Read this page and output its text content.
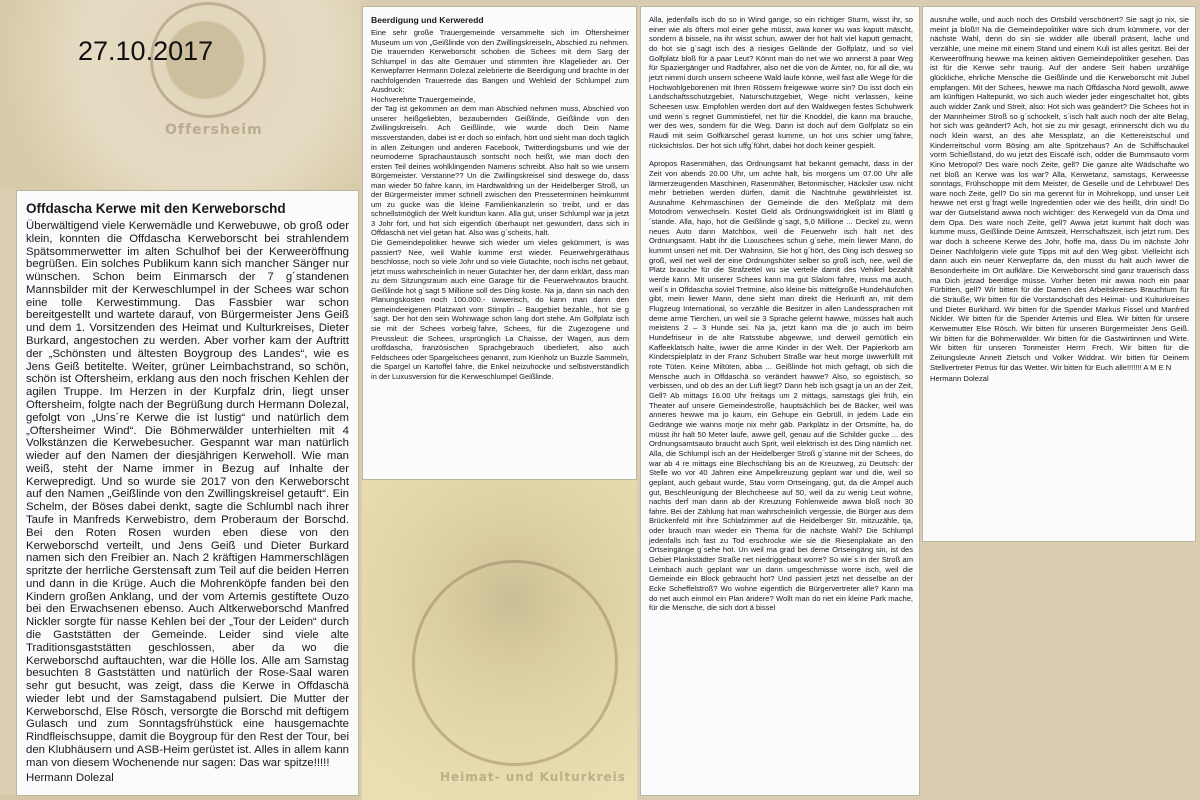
Offersheim
Heimat- und Kulturkreis
27.10.2017
Offdascha Kerwe mit den Kerweborschd

Überwältigend viele Kerwemädle und Kerwebuwe, ob groß oder klein, konnten die Offdascha Kerweborscht bei strahlendem Spätsommerwetter im alten Schulhof bei der Kerweeröffnung begrüßen. Ein solches Publikum kann sich mancher Sänger nur wünschen. Schon beim Einmarsch der 7 g´standenen Mannsbilder mit der Kerweschlumpel in der Schees war schon eine tolle Kerwestimmung. Das Fassbier war schon bereitgestellt und wartete darauf, von Bürgermeister Jens Geiß und dem 1. Vorsitzenden des Heimat und Kulturkreises, Dieter Burkard, angestochen zu werden. Aber vorher kam der Auftritt der „Schönsten und ältesten Boygroup des Landes“, wie es Jens Geiß betitelte. Weiter, grüner Leimbachstrand, so schön, schön ist Oftersheim, erklang aus den noch frischen Kehlen der agilen Truppe. Im Herzen in der Kurpfalz drin, liegt unser Oftersheim, folgte nach der Begrüßung durch Hermann Dolezal, gefolgt von „Uns´re Kerwe die ist lustig“ und natürlich dem „Oftersheimer Wind“. Die Böhmerwälder unterhielten mit 4 Volkstänzen die Kerwebesucher. Gespannt war man natürlich wieder auf den Namen der diesjährigen Kerweholl. Wie man weiß, steht der Name immer in Bezug auf Inhalte der Kerwepredigt. Und so wurde sie 2017 von den Kerweborscht auf den Namen „Geißlinde von den Zwillingskreisel getauft“. Ein Schelm, der Böses dabei denkt, sagte die Schlumbl nach ihrer Taufe in Manfreds Kerwebistro, dem Proberaum der Borschd. Bei den Roten Rosen wurden eben diese von den Kerweborschd verteilt, und Jens Geiß und Dieter Burkard namen sich den Freibier an. Nach 2 kräftigen Hammerschlägen spritzte der herrliche Gerstensaft zum Teil auf die beiden Herren und dann in die Krüge. Auch die Mohrenköpfe fanden bei den Kindern großen Anklang, und der vom Artemis gestiftete Ouzo bei den Erwachsenen ebenso. Auch Altkerweborschd Manfred Nickler sorgte für nasse Kehlen bei der „Tour der Leiden“ durch die Gaststätten der Gemeinde. Leider sind viele alte Traditionsgaststätten geschlossen, aber da wo die Kerweborschd auftauchten, war die Hölle los. Alle am Samstag besuchten 8 Gaststätten und natürlich der Rose-Saal waren sehr gut besucht, was zeigt, dass die Kerwe in Offdaschä wieder lebt und der Samstagabend pulsiert. Die Mutter der Kerweborschd, Else Rösch, versorgte die Borschd mit deftigem Gulasch und zum Sonntagsfrühstück eine hausgemachte Rindfleischsuppe, damit die Boygroup für den Rest der Tour, bei den Klubhäusern und ASB-Heim gerüstet ist. Alles in allem kann man von diesem Wochenende nur sagen: Das war spitze!!!!!

Hermann Dolezal

Beerdigung und Kerweredd

Eine sehr große Trauergemeinde versammelte sich im Oftersheimer Museum um von „Geißlinde von den Zwillingskreiseln„ Abschied zu nehmen. Die trauernden Kerweborscht schoben die Schees mit dem Sarg der Schlumpel in das alte Gemäuer und stimmten ihre Klagelieder an. Der Kerwepfarrer Hermann Dolezal zelebrierte die Beerdigung und brachte in der nachfolgenden Trauerrede das Bangen und Wehleid der Schlumpel zum Ausdruck:

Hochverehrte Trauergemeinde,

der Tag ist gekommen an dem man Abschied nehmen muss, Abschied von unserer heißgeliebten, bezaubernden Geißlinde, Geißlinde von den Zwillingskreiseln. Ach Geißlinde, wie wurde doch Dein Name missverstanden, dabei ist er doch so einfach, hört und sieht man doch täglich in allen Zeitungen und anderen Facebook, Twitterdingsbums und wie der neumoderne Sprachaustausch sontscht noch heißt, wie man doch den ersten Teil deines wohlklingenden Namens schreibt. Also halt so wie unsern Bürgemeister. Verstanne?? Un die Zwillingskreisel sind deswege do, dass man wieder 50 fahre kann, im Hardtwaldring un der Heidelberger Stroß, un der Bürgermeister immer schnell zwischen den Presseterminen heimkummt um zu gucke was die kleine Familienkanzlerin so treibt, und er das schnellstmöglich der Welt kundtun kann. Alla gut, unser Schlumpl war ja jetzt 3 Johr fort, und hot sich eigentlich überhaupt net gewundert, dass sich in Offdaschä net viel getan hat. Also was g´scheits, halt.

Die Gemeindepolitiker hewwe sich wieder um vieles gekümmert, is was passiert? Nee, weil Wahle kumme erst wieder. Feuerwehrgeräthaus beschlosse, noch so viele Johr und so viele Gutachte, noch ischs net gebaut, jetzt muss wahrscheinlich in neuer Gutachter her, der dann erklärt, dass man zu dem Sitzungsraum auch eine Garage für die Feuerwehrautos braucht. Geißlinde hot g´sagt 5 Millione soll des Ding koste. Na ja, dann sin nach den Planungskosten noch 100.000.- üwwerisch, do kann man dann den gemeindeeigenen Platzwart vom Stimplin – Baugebiet bezahle., hot sie g´sagt. Der hot den sein Wohnwage schon lang dort stehe. Am Golfplatz isch sie mit der Schees vorbeig´fahre, Schees, für die Zugezogene und Preussleut: die Schees, ursprünglich La Chaisse, der Wagen, aus dem uroffdascha, französischen Sprachgebrauch überliefert, also auch Feldschees oder Spargelschees genannt, zum Kienholz un Buzzle Sammeln, die Spargel un Kartoffel fahre, die Enkel neizuhocke und selbstverständlich in der Luxusversion für die Kerweschlumpel Geißlinde.

Alla, jedenfalls isch do so in Wind gange, so ein richtiger Sturm, wisst ihr, so einer wie als öfters mol einer gehe müsst, awa koner wu was kaputt mäscht, sondern ä bissele, na ihr wisst schun, awwer der hot halt viel kaputt gemacht, do hot sie g´sagt isch des ä riesiges Gelände der Golfplatz, und so viel Golfplatz bloß für ä paar Leut? Könnt man do net wie wo annerst ä paar Weg für Spaziergänger und Radfahrer, also net die von de Ämter, no, für all die, wu jetzt nimmi durch unsern scheene Wald laufe könne, weil fast alle Wege für die Hochwohlgeborenen mit Ihren Rössern freigewwe worre sin? Do isst doch ein Landschaftsschutzgebiet, Naturschutzgebiet, Wege nicht verlassen, keine Scheesen usw. Empfohlen werden dort auf den Waldwegen festes Schuhwerk und wenn´s regnet Gummistiefel, net für die Knoddel, die kann ma brauche, wer des wes, sondern für die Weg. Dann ist doch auf dem Golfplatz so ein Raudi mit seim Golfkärschel gerast kumme, un hot uns schier umg´fahre, rücksichtslos. Der hot sich uffg´führt, dabei hot doch keiner gespielt.

Apropos Rasenmähen, das Ordnungsamt hat bekannt gemacht, dass in der Zeit von abends 20.00 Uhr, um achte halt, bis morgens um 07.00 Uhr alle lärmerzeugenden Maschinen, Rasenmäher, Betonmischer, Häcksler usw. nicht mehr betrieben werden dürfen, damit die Nachtruhe gewährleistet ist. Ausnahme Kehrmaschinen der Gemeinde die den Meßplatz mit dem Motodrom verwechseln. Kostet Geld als Ordnungswidrigkeit ist im Blättl g´standе. Alla, hajo, hot die Geißlinde g´sagt, 5,0 Millione ... Deckel zu, wenn neues Auto dann Matchbox, weil die Feuerwehr isch halt net des Ordnungsamt. Habt ihr die Luxuschees schun g´sehe, mein liewer Mann, do kummt unseri net mit. Der Wahnsinn, Sie hot g´hört, des Ding isch desweg so groß, weil net weil der eine Ordnungshüter selber so groß isch, nee, weil die Platz brauche für die Strafzettel wu sie verteile damit des Vehikel bezahlt werde kann. Mit unserer Schees kann ma gut Slalom fahre, muss ma auch, weil´s in Offdascha soviel Tretmine, also kleine bis mittelgroße Hundehäufchen gibt, mein liewer Mann, dene sieht man direkt die Herkunft an, mit dem Flugzeug International, so verzähle die Besitzer in allen Landessprachen mit deme arme Tierchen, un weil sie 3 Sprache gelernt hawwe, müsses halt auch meistens 2 – 3 Hunde sei. Na ja, jetzt kann ma die jo auch im beim Hundefriseur in de alte Ratsstube abgewwe, und derweil gemütlich ein Kaffeeklatsch halte, iwwer die arme Kinder in der Welt. Der Papierkorb am Kinderspielplatz in der Franz Schubert Straße war heut morge üwwerfüllt mit rote Tüten. Keine Miltüten, abba ... Geißlinde hot mich gefragt, ob sich die Mensche auch in Offdaschä so verändert hawwe? Also, so egoistisch, so verbissen, und ob des an der Luft liegt? Dann heb isch gsagt ja un an der Zeit, Gell? Ab mittags 16.00 Uhr freitags um 2 mittags, samstags glei früh, ein Theater auf unsere Gemeindestroße, hauptsächlich bei de Bäcker, weil was anneres hewwe ma jo kaum, ein Gehupe ein Gebrüll, in jedem Lade ein Gedränge wie wanns morje nix mehr gäb. Parkplätz in der Ortsmitte, ha, do müsst ihr halt 50 Meter laufe, awwe gell, genau auf die Schilder gucke ... des Ordnungsamtsauto braucht auch Sprit, weil elektrisch ist des Ding nämlich net. Alla, die Schlumpl isch an der Heidelberger Stroß g´stanne mit der Schees, do war ab 4 re mittags eine Blechschlang bis an de Kreuzweg, zu Deutsch: der Stelle wo vor 40 Jahren eine Ampelkreuzung geplant war und die, weil so geplant, auch gebaut wurde, Stau vorm Ortseingang, gut, da die Ampel auch gut, Beschleunigung der Blechcheese auf 50, weil da zu wenig Leut wohne, nachts derf man dann ab der Kreuzung Fohlenweide awwa bloß noch 30 fahre. Bei der Zählung hat man wahrscheinlich vergessie, die Bürger aus dem Brückenfeld mit ihre Schlafzimmer auf die Heidelberger Str. mitzuzähle, tja, oder brauch man wieder ein Thema für die nächste Wahl? Die Schlumpl jedenfalls isch fast zu Tod erschrocke wie sie die Riesenplakate an den Ortseingänge g´sehe hot. Un weil ma grad bei deme Ortseingäng sin, ist des Gebiet Plankstädter Straße net niedriggebaut worre? So wie´s in der Stroß am Leimbach auch geplant war un dann umgeschmisse worre isch, weil die Gemeinde ein Block gebraucht hot? Und passiert jetzt net desselbe an der Ecke Scheffelstroß? Wo wohne eigentlich die Bürgervertreter alle? Kann ma do net auch einmol ein Plan ändere? Wollt man do net ein kleine Park mache, für die Mensche, die sich dort ä bissel

ausruhe wolle, und auch noch des Ortsbild verschönert? Sie sagt jo nix, sie meint ja bloß!! Na die Gemeindepolitiker wäre sich drum kümmere, vor der nächste Wahl, denn do sin sie widder alle überall präsent, lache und verzähle, une meine mit einem Stand und einem Kuli ist alles geritzt. Bei der Kerweeröffnung hewwe ma keinen aktiven Gemeindepolitiker gesehen. Das ist für die Kerwe sehr traurig. Auf der andere Seit haben unzählige glückliche, ehrliche Mensche die Geißlinde und die Kerweborscht mit Jubel empfangen. Mit der Schees, hewwe ma nach Offdascha Nord gewollt, awwe am künftigen Haltepunkt, wo sich auch wieder jeder eingeschaltet hot, gibts auch widder Zank und Streit, also: Hot sich was geändert? Die Schees hot in der Mannheimer Stroß so g´schockelt, s´isch halt auch noch der alte Belag, hot sich was geändert? Ach, hot sie zu mir gesagt, erinnerscht dich wu du noch klein warst, an des alte Messplatz, an die Kettereistschul und Kinderreitschul vorm Bösing am alte Spritzehaus? An de Schiffschaukel vorm Schießstand, do wu jetzt des Eiscafé isch, odder die Bummsauto vorm Kino Metropol? Des ware noch Zeite, gell? Die ganze alte Wädschafte wo net bloß an Kerwe was los war? Alla, Kerwetanz, samstags, Kerweesse sonntags, Frühschoppe mit dem Meister, de Geselle und de Lehrbuwe! Des ware noch Zeite, gell? Do sin ma gerennt für in Mohrekopp, und unser Leit hewwe net erst g´fragt welle Ingredentien oder wie des heißt, drin sind! Do war der Gutselstand awwa noch wichtiger: des Kerwegeld vun da Oma und dem Opa. Des ware noch Zeite, gell? Awwa jetzt kummt halt doch was kumme muss, Geißlinde Deine Amtszeit, Herrschaftszeit, isch jetzt rum. Des war doch ä scheene Kerwe des Johr, hoffe ma, dass Du im nächste Johr Deiner Nachfolgerin viele gute Tipps mit auf den Weg gibst. Vielleicht isch dann auch ein neuer Kerwepfarre da, den musst du halt auch iwwer die Besonderheite im Ort aufkläre. Die Kerweborscht sind ganz trauerisch dass ma Dich jetzad beerdige müsse. Vorher beten mir awwa noch ein paar Fürbitten, gell? Wir bitten für die Damen des Arbeitskreises Brauchtum für die Sträuße, Wir bitten für die Vorstandschaft des Heimat- und Kulturkreises und Dieter Burkhard. Wir bitten für die Spender Markus Fissel und Manfred Nickler. Wir bitten für die Spender Artemis und Elea. Wir bitten für unsere Kerwemutter Else Rösch. Wir bitten für unseren Bürgermeister Jens Geiß. Wir bitten für die Böhmerwälder. Wir bitten für die Gastwirtinnen und Wirte. Wir bitten für unseren Tonmeister Herrn Frech. Wir bitten für die Zeitungsleute Annett Zietsch und Volker Widdrat. Wir bitten für Deinem Stellvertreter Petrus für das Wetter. Wir bitten für Euch alle!!!!!!! A M E N

Hermann Dolezal
